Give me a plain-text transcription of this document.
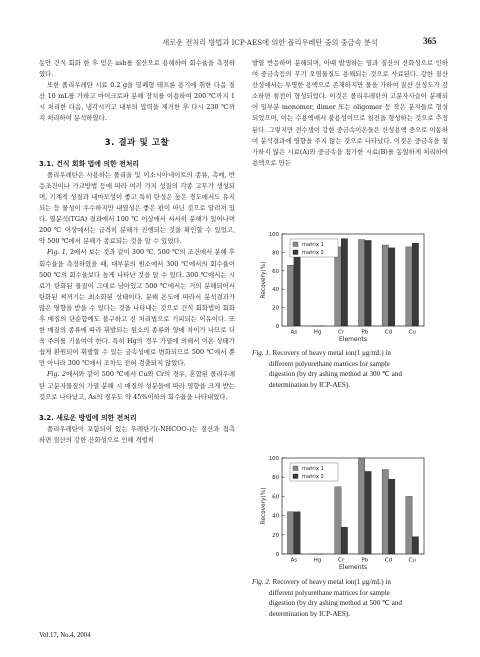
새로운 전처리 방법과 ICP-AES에 의한 폴리우레탄 중의 중금속 분석	365

동안 건식 회화 한 후 얻은 ash를 질산으로 용해하여 회수율을 측정하였다.

또한 폴리우레탄 시료 0.2 g을 밀폐형 테프론 용기에 취한 다음 질산 10 mL를 가하고 마이크로파 분해 장치를 이용하여 200 ℃까지 1시 처리한 다음, 냉각시키고 내부의 압력을 제거한 후 다시 230 ℃까지 처리하여 분석하였다.

3. 결과 및 고찰
3.1. 건식 회화 법에 의한 전처리

폴리우레탄은 사용하는 폴리올 및 이소시아네이트의 종류, 촉매, 반응조건이나 가교방법 등에 따라 여러 가지 성질의 각종 고무가 생성되며, 기계적 성질과 내마모성이 좋고 특히 탄성은 높은 경도에서도 유지되는 등 물성이 우수하지만 내열성은 좋은 편이 아닌 것으로 알려져 있다. 열분석(TGA) 결과에서 100 ℃ 이상에서 서서히 분해가 일어나며 200 ℃ 이상에서는 급격히 분해가 진행되는 것을 확인할 수 있었고, 약 500 ℃에서 분해가 종료되는 것을 알 수 있었다.

Fig. 1, 2에서 보는 것과 같이 300 ℃, 500 ℃의 조건에서 분해 후 회수율을 측정하였을 때, 대부분의 원소에서 300 ℃에서의 회수율이 500 ℃의 회수율보다 높게 나타난 것을 알 수 있다. 300 ℃에서는 시료가 탄화된 물질이 그대로 남아있고 500 ℃에서는 거의 분해되어서 탄화된 찌꺼기는 최소화된 상태이다. 분해 온도에 따라서 분석결과가 많은 영향을 받을 수 있다는 것을 나타내는 것으로 건식 회화법이 회화 후 매질의 단순함에도 불구하고 전 처리법으로 기피되는 이유이다. 또한 매질의 종류에 따라 휘발되는 원소의 종류와 양에 차이가 나므로 더욱 주의를 기울여야 한다. 특히 Hg의 경우 가열에 의해서 이온 상태가 쉽게 환원되어 휘발할 수 있는 금속성에로 변화되므로 500 ℃에서 뿐만 아니라 300 ℃에서 조차도 전혀 검출되지 않았다.

Fig. 2에서와 같이 500 ℃에서 Cu와 Cr의 경우, 혼합된 폴리우레탄 고분자물질의 가열 분해 시 매질의 성분들에 따라 영향을 크게 받는 것으로 나타났고, As의 경우도 약 45%이하의 회수율을 나타내었다.

3.2. 새로운 방법에 의한 전처리

폴리우레탄이 포함되어 있는 우레탄기(-NHCOO-)는 질산과 접촉하면 질산의 강한 산화성으로 인해 격렬히

발열 반응하며 분해되며, 이때 발생하는 열과 질산의 산화성으로 인하여 중금속등의 무기 오염물질도 용해되는 것으로 사료된다. 강한 질산 산성에서는 투명한 용액으로 존재하지만 물을 가하여 질산 산성도가 감소하면 침전이 형성되었다. 이것은 폴리우레탄의 고분자사슬이 분해되어 일부분 monomer, dimer 또는 oligomer 등 작은 분자들로 형성되었으며, 이는 수용액에서 불용성이므로 침전을 형성하는 것으로 추정된다. 그렇지만 전수생이 강한 중금속이온들은 산성용액 중으로 이동하여 분석결과에 영향을 주지 않는 것으로 나타났다. 이것은 중금속을 첨가하지 않은 시료(A)와 중금속을 첨가한 시료(B)를 동일하게 처리하여 용액으로 만든

0
20
40
60
80
100
Recovery(%)
As	Hg	Cr	Pb	Cd	Cu
Elements
matrix 1
matrix 2
Fig. 1. Recovery of heavy metal ion(1 μg/mL) in
different polyurethane matrices for sample
digestion (by dry ashing method at 300 ℃ and
determination by ICP-AES).
0
20
40
60
80
100
Recovery(%)
As	Hg	Cr	Pb	Cd	Cu
Elements
matrix 1
matrix 2
Fig. 2. Recovery of heavy metal ion(1 μg/mL) in
different polyurethane matrices for sample
digestion (by dry ashing method at 500 ℃ and
determination by ICP-AES).
Vol.17, No.4, 2004
